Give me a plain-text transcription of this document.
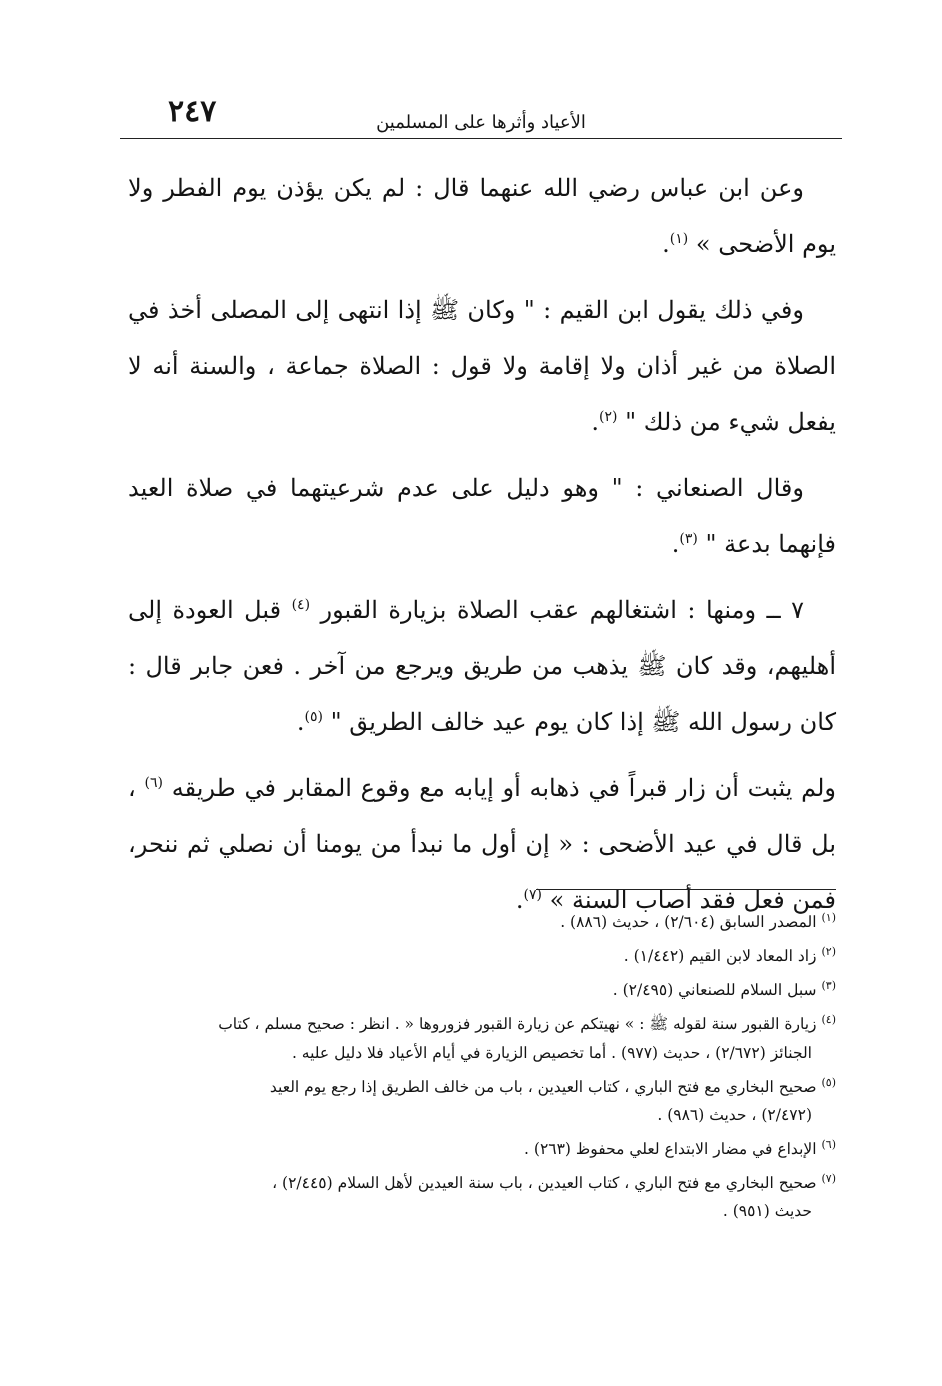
٢٤٧	الأعياد وأثرها على المسلمين

وعن ابن عباس رضي الله عنهما قال : لم يكن يؤذن يوم الفطر ولا يوم الأضحى » $^{(١)}$.

وفي ذلك يقول ابن القيم : " وكان ﷺ إذا انتهى إلى المصلى أخذ في الصلاة من غير أذان ولا إقامة ولا قول : الصلاة جماعة ، والسنة أنه لا يفعل شيء من ذلك " $^{(٢)}$.

وقال الصنعاني : " وهو دليل على عدم شرعيتهما في صلاة العيد فإنهما بدعة " $^{(٣)}$.

٧ ــ ومنها : اشتغالهم عقب الصلاة بزيارة القبور $^{(٤)}$ قبل العودة إلى أهليهم، وقد كان ﷺ يذهب من طريق ويرجع من آخر . فعن جابر قال : كان رسول الله ﷺ إذا كان يوم عيد خالف الطريق " $^{(٥)}$.

ولم يثبت أن زار قبراً في ذهابه أو إيابه مع وقوع المقابر في طريقه $^{(٦)}$ ، بل قال في عيد الأضحى : « إن أول ما نبدأ من يومنا أن نصلي ثم ننحر، فمن فعل فقد أصاب السنة » $^{(٧)}$.

$^{(١)}$ المصدر السابق (٢/٦٠٤) ، حديث (٨٨٦) .
$^{(٢)}$ زاد المعاد لابن القيم (١/٤٤٢) .
$^{(٣)}$ سبل السلام للصنعاني (٢/٤٩٥) .
$^{(٤)}$ زيارة القبور سنة لقوله ﷺ : » نهيتكم عن زيارة القبور فزوروها « . انظر : صحيح مسلم ، كتاب
الجنائز (٢/٦٧٢) ، حديث (٩٧٧) . أما تخصيص الزيارة في أيام الأعياد فلا دليل عليه .
$^{(٥)}$ صحيح البخاري مع فتح الباري ، كتاب العيدين ، باب من خالف الطريق إذا رجع يوم العيد
(٢/٤٧٢) ، حديث (٩٨٦) .
$^{(٦)}$ الإبداع في مضار الابتداع لعلي محفوظ (٢٦٣) .
$^{(٧)}$ صحيح البخاري مع فتح الباري ، كتاب العيدين ، باب سنة العيدين لأهل السلام (٢/٤٤٥) ،
حديث (٩٥١) .
